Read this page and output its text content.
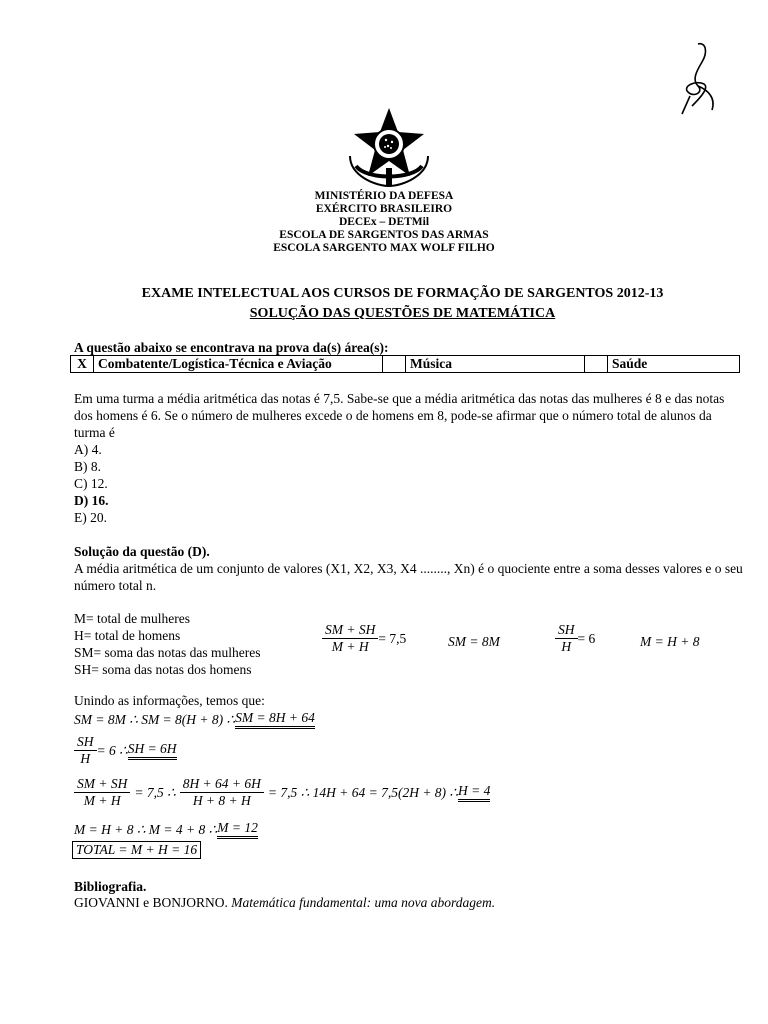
MINISTÉRIO DA DEFESA
EXÉRCITO BRASILEIRO
DECEx – DETMil
ESCOLA DE SARGENTOS DAS ARMAS
ESCOLA SARGENTO MAX WOLF FILHO
EXAME INTELECTUAL AOS CURSOS DE FORMAÇÃO DE SARGENTOS 2012-13
SOLUÇÃO DAS QUESTÕES DE MATEMÁTICA
A questão abaixo se encontrava na prova da(s) área(s):
X	Combatente/Logística-Técnica e Aviação		Música		Saúde
Em uma turma a média aritmética das notas é 7,5. Sabe-se que a média aritmética das notas das mulheres é 8 e das notas dos homens é 6. Se o número de mulheres excede o de homens em 8, pode-se afirmar que o número total de alunos da turma é
A) 4.
B) 8.
C) 12.
D) 16.
E) 20.
Solução da questão (D).
A média aritmética de um conjunto de valores (X1, X2, X3, X4 ........, Xn) é o quociente entre a soma desses valores e o seu número total n.
M= total de mulheres
H= total de homens
SM= soma das notas das mulheres
SH= soma das notas dos homens
$\frac{SM + SH}{M + H} = 7,5$	SM = 8M	$\frac{SH}{H} = 6$	M = H + 8
Unindo as informações, temos que:
SM = 8M ∴ SM = 8(H + 8) ∴ SM = 8H + 64
$\frac{SH}{H} = 6$ ∴ SH = 6H
$\frac{SM + SH}{M + H} = 7,5$ ∴ $\frac{8H + 64 + 6H}{H + 8 + H} = 7,5$ ∴ 14H + 64 = 7,5(2H + 8) ∴ H = 4
M = H + 8 ∴ M = 4 + 8 ∴ M = 12
TOTAL = M + H = 16
Bibliografia.
GIOVANNI e BONJORNO. Matemática fundamental: uma nova abordagem.
